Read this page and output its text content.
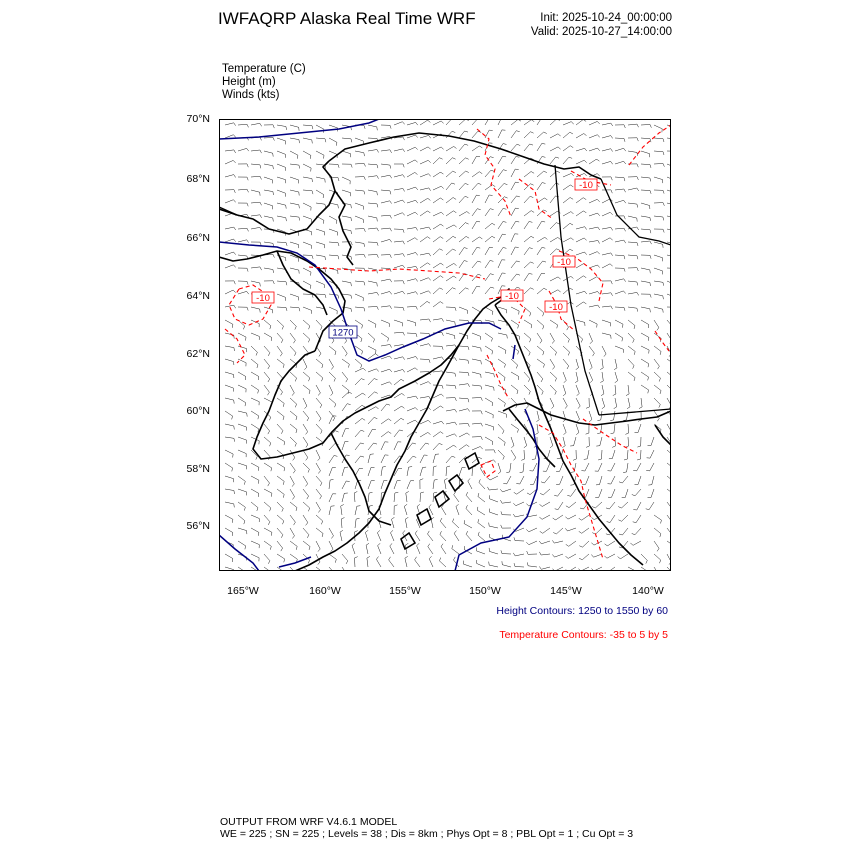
IWFAQRP Alaska Real Time WRF	Init: 2025-10-24_00:00:00
Valid: 2025-10-27_14:00:00
Temperature (C)
Height (m)
Winds (kts)
70°N
68°N
66°N
64°N
62°N
60°N
58°N
56°N
165°W	160°W	155°W	150°W	145°W	140°W
1270
-10
-10
-10
-10
-10
Height Contours: 1250 to 1550 by 60
Temperature Contours: -35 to 5 by 5
OUTPUT FROM WRF V4.6.1 MODEL
WE = 225 ; SN = 225 ; Levels = 38 ; Dis = 8km ; Phys Opt = 8 ; PBL Opt = 1 ; Cu Opt = 3
